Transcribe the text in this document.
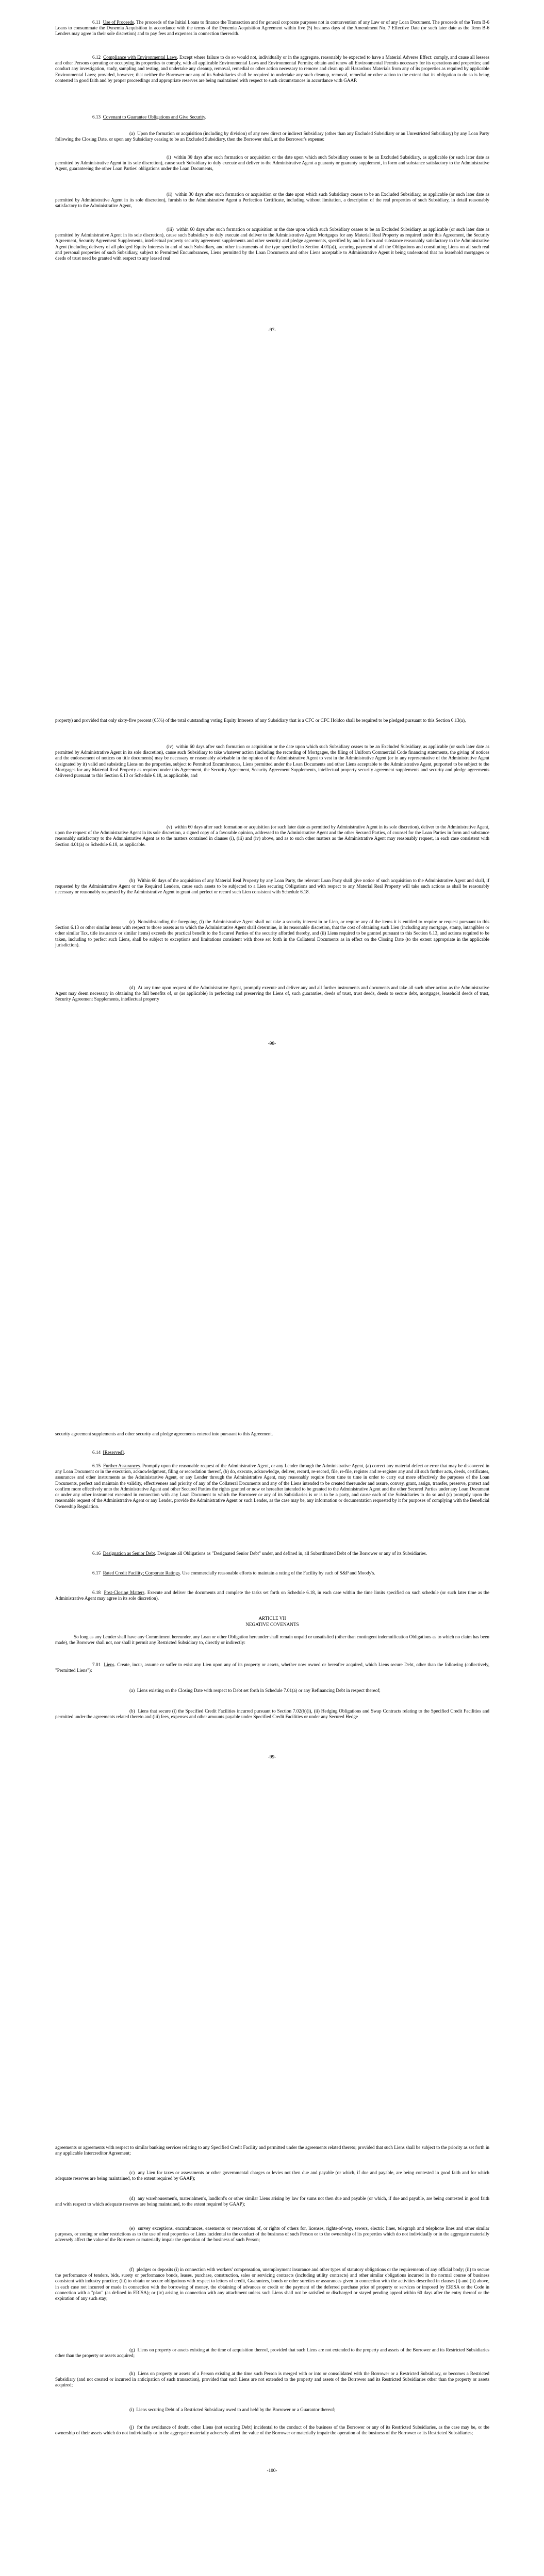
6.11 Use of Proceeds. The proceeds of the Initial Loans to finance the Transaction and for general corporate purposes not in contravention of any Law or of any Loan Document. The proceeds of the Term B-6 Loans to consummate the Dynemia Acquisition in accordance with the terms of the Dynemia Acquisition Agreement within five (5) business days of the Amendment No. 7 Effective Date (or such later date as the Term B-6 Lenders may agree in their sole discretion) and to pay fees and expenses in connection therewith.

6.12 Compliance with Environmental Laws. Except where failure to do so would not, individually or in the aggregate, reasonably be expected to have a Material Adverse Effect: comply, and cause all lessees and other Persons operating or occupying its properties to comply, with all applicable Environmental Laws and Environmental Permits; obtain and renew all Environmental Permits necessary for its operations and properties; and conduct any investigation, study, sampling and testing, and undertake any cleanup, removal, remedial or other action necessary to remove and clean up all Hazardous Materials from any of its properties as required by applicable Environmental Laws; provided, however, that neither the Borrower nor any of its Subsidiaries shall be required to undertake any such cleanup, removal, remedial or other action to the extent that its obligation to do so is being contested in good faith and by proper proceedings and appropriate reserves are being maintained with respect to such circumstances in accordance with GAAP.

6.13 Covenant to Guarantee Obligations and Give Security.

(a) Upon the formation or acquisition (including by division) of any new direct or indirect Subsidiary (other than any Excluded Subsidiary or an Unrestricted Subsidiary) by any Loan Party following the Closing Date, or upon any Subsidiary ceasing to be an Excluded Subsidiary, then the Borrower shall, at the Borrower's expense:

(i) within 30 days after such formation or acquisition or the date upon which such Subsidiary ceases to be an Excluded Subsidiary, as applicable (or such later date as permitted by Administrative Agent in its sole discretion), cause such Subsidiary to duly execute and deliver to the Administrative Agent a guaranty or guaranty supplement, in form and substance satisfactory to the Administrative Agent, guaranteeing the other Loan Parties' obligations under the Loan Documents,

(ii) within 30 days after such formation or acquisition or the date upon which such Subsidiary ceases to be an Excluded Subsidiary, as applicable (or such later date as permitted by Administrative Agent in its sole discretion), furnish to the Administrative Agent a Perfection Certificate, including without limitation, a description of the real properties of such Subsidiary, in detail reasonably satisfactory to the Administrative Agent,

(iii) within 60 days after such formation or acquisition or the date upon which such Subsidiary ceases to be an Excluded Subsidiary, as applicable (or such later date as permitted by Administrative Agent in its sole discretion), cause such Subsidiary to duly execute and deliver to the Administrative Agent Mortgages for any Material Real Property as required under this Agreement, the Security Agreement, Security Agreement Supplements, intellectual property security agreement supplements and other security and pledge agreements, specified by and in form and substance reasonably satisfactory to the Administrative Agent (including delivery of all pledged Equity Interests in and of such Subsidiary, and other instruments of the type specified in Section 4.01(a)), securing payment of all the Obligations and constituting Liens on all such real and personal properties of such Subsidiary, subject to Permitted Encumbrances, Liens permitted by the Loan Documents and other Liens acceptable to Administrative Agent it being understood that no leasehold mortgages or deeds of trust need be granted with respect to any leased real

-97-

property) and provided that only sixty-five percent (65%) of the total outstanding voting Equity Interests of any Subsidiary that is a CFC or CFC Holdco shall be required to be pledged pursuant to this Section 6.13(a),

(iv) within 60 days after such formation or acquisition or the date upon which such Subsidiary ceases to be an Excluded Subsidiary, as applicable (or such later date as permitted by Administrative Agent in its sole discretion), cause such Subsidiary to take whatever action (including the recording of Mortgages, the filing of Uniform Commercial Code financing statements, the giving of notices and the endorsement of notices on title documents) may be necessary or reasonably advisable in the opinion of the Administrative Agent to vest in the Administrative Agent (or in any representative of the Administrative Agent designated by it) valid and subsisting Liens on the properties, subject to Permitted Encumbrances, Liens permitted under the Loan Documents and other Liens acceptable to the Administrative Agent, purported to be subject to the Mortgages for any Material Real Property as required under this Agreement, the Security Agreement, Security Agreement Supplements, intellectual property security agreement supplements and security and pledge agreements delivered pursuant to this Section 6.13 or Schedule 6.18, as applicable, and

(v) within 60 days after such formation or acquisition (or such later date as permitted by Administrative Agent in its sole discretion), deliver to the Administrative Agent, upon the request of the Administrative Agent in its sole discretion, a signed copy of a favorable opinion, addressed to the Administrative Agent and the other Secured Parties, of counsel for the Loan Parties in form and substance reasonably satisfactory to the Administrative Agent as to the matters contained in clauses (i), (iii) and (iv) above, and as to such other matters as the Administrative Agent may reasonably request, in each case consistent with Section 4.01(a) or Schedule 6.18, as applicable.

(b) Within 60 days of the acquisition of any Material Real Property by any Loan Party, the relevant Loan Party shall give notice of such acquisition to the Administrative Agent and shall, if requested by the Administrative Agent or the Required Lenders, cause such assets to be subjected to a Lien securing Obligations and with respect to any Material Real Property will take such actions as shall be reasonably necessary or reasonably requested by the Administrative Agent to grant and perfect or record such Lien consistent with Schedule 6.18.

(c) Notwithstanding the foregoing, (i) the Administrative Agent shall not take a security interest in or Lien, or require any of the items it is entitled to require or request pursuant to this Section 6.13 or other similar items with respect to those assets as to which the Administrative Agent shall determine, in its reasonable discretion, that the cost of obtaining such Lien (including any mortgage, stamp, intangibles or other similar Tax, title insurance or similar items) exceeds the practical benefit to the Secured Parties of the security afforded thereby, and (ii) Liens required to be granted pursuant to this Section 6.13, and actions required to be taken, including to perfect such Liens, shall be subject to exceptions and limitations consistent with those set forth in the Collateral Documents as in effect on the Closing Date (to the extent appropriate in the applicable jurisdiction).

(d) At any time upon request of the Administrative Agent, promptly execute and deliver any and all further instruments and documents and take all such other action as the Administrative Agent may deem necessary in obtaining the full benefits of, or (as applicable) in perfecting and preserving the Liens of, such guaranties, deeds of trust, trust deeds, deeds to secure debt, mortgages, leasehold deeds of trust, Security Agreement Supplements, intellectual property

-98-

security agreement supplements and other security and pledge agreements entered into pursuant to this Agreement.

6.14 [Reserved].

6.15 Further Assurances. Promptly upon the reasonable request of the Administrative Agent, or any Lender through the Administrative Agent, (a) correct any material defect or error that may be discovered in any Loan Document or in the execution, acknowledgment, filing or recordation thereof, (b) do, execute, acknowledge, deliver, record, re-record, file, re-file, register and re-register any and all such further acts, deeds, certificates, assurances and other instruments as the Administrative Agent, or any Lender through the Administrative Agent, may reasonably require from time to time in order to carry out more effectively the purposes of the Loan Documents, perfect and maintain the validity, effectiveness and priority of any of the Collateral Documents and any of the Liens intended to be created thereunder and assure, convey, grant, assign, transfer, preserve, protect and confirm more effectively unto the Administrative Agent and other Secured Parties the rights granted or now or hereafter intended to be granted to the Administrative Agent and the other Secured Parties under any Loan Document or under any other instrument executed in connection with any Loan Document to which the Borrower or any of its Subsidiaries is or is to be a party, and cause each of the Subsidiaries to do so and (c) promptly upon the reasonable request of the Administrative Agent or any Lender, provide the Administrative Agent or such Lender, as the case may be, any information or documentation requested by it for purposes of complying with the Beneficial Ownership Regulation.

6.16 Designation as Senior Debt. Designate all Obligations as "Designated Senior Debt" under, and defined in, all Subordinated Debt of the Borrower or any of its Subsidiaries.

6.17 Rated Credit Facility; Corporate Ratings. Use commercially reasonable efforts to maintain a rating of the Facility by each of S&P and Moody's.

6.18 Post-Closing Matters. Execute and deliver the documents and complete the tasks set forth on Schedule 6.18, in each case within the time limits specified on such schedule (or such later time as the Administrative Agent may agree in its sole discretion).

ARTICLE VII

NEGATIVE COVENANTS

So long as any Lender shall have any Commitment hereunder, any Loan or other Obligation hereunder shall remain unpaid or unsatisfied (other than contingent indemnification Obligations as to which no claim has been made), the Borrower shall not, nor shall it permit any Restricted Subsidiary to, directly or indirectly:

7.01 Liens. Create, incur, assume or suffer to exist any Lien upon any of its property or assets, whether now owned or hereafter acquired, which Liens secure Debt, other than the following (collectively, "Permitted Liens"):

(a) Liens existing on the Closing Date with respect to Debt set forth in Schedule 7.01(a) or any Refinancing Debt in respect thereof;

(b) Liens that secure (i) the Specified Credit Facilities incurred pursuant to Section 7.02(b)(i), (ii) Hedging Obligations and Swap Contracts relating to the Specified Credit Facilities and permitted under the agreements related thereto and (iii) fees, expenses and other amounts payable under Specified Credit Facilities or under any Secured Hedge

-99-

agreements or agreements with respect to similar banking services relating to any Specified Credit Facility and permitted under the agreements related thereto; provided that such Liens shall be subject to the priority as set forth in any applicable Intercreditor Agreement;

(c) any Lien for taxes or assessments or other governmental charges or levies not then due and payable (or which, if due and payable, are being contested in good faith and for which adequate reserves are being maintained, to the extent required by GAAP);

(d) any warehousemen's, materialmen's, landlord's or other similar Liens arising by law for sums not then due and payable (or which, if due and payable, are being contested in good faith and with respect to which adequate reserves are being maintained, to the extent required by GAAP);

(e) survey exceptions, encumbrances, easements or reservations of, or rights of others for, licenses, rights-of-way, sewers, electric lines, telegraph and telephone lines and other similar purposes, or zoning or other restrictions as to the use of real properties or Liens incidental to the conduct of the business of such Person or to the ownership of its properties which do not individually or in the aggregate materially adversely affect the value of the Borrower or materially impair the operation of the business of such Person;

(f) pledges or deposits (i) in connection with workers' compensation, unemployment insurance and other types of statutory obligations or the requirements of any official body; (ii) to secure the performance of tenders, bids, surety or performance bonds, leases, purchase, construction, sales or servicing contracts (including utility contracts) and other similar obligations incurred in the normal course of business consistent with industry practice; (iii) to obtain or secure obligations with respect to letters of credit, Guarantees, bonds or other sureties or assurances given in connection with the activities described in clauses (i) and (ii) above, in each case not incurred or made in connection with the borrowing of money, the obtaining of advances or credit or the payment of the deferred purchase price of property or services or imposed by ERISA or the Code in connection with a "plan" (as defined in ERISA); or (iv) arising in connection with any attachment unless such Liens shall not be satisfied or discharged or stayed pending appeal within 60 days after the entry thereof or the expiration of any such stay;

(g) Liens on property or assets existing at the time of acquisition thereof, provided that such Liens are not extended to the property and assets of the Borrower and its Restricted Subsidiaries other than the property or assets acquired;

(h) Liens on property or assets of a Person existing at the time such Person is merged with or into or consolidated with the Borrower or a Restricted Subsidiary, or becomes a Restricted Subsidiary (and not created or incurred in anticipation of such transaction), provided that such Liens are not extended to the property and assets of the Borrower and its Restricted Subsidiaries other than the property or assets acquired;

(i) Liens securing Debt of a Restricted Subsidiary owed to and held by the Borrower or a Guarantor thereof;

(j) for the avoidance of doubt, other Liens (not securing Debt) incidental to the conduct of the business of the Borrower or any of its Restricted Subsidiaries, as the case may be, or the ownership of their assets which do not individually or in the aggregate materially adversely affect the value of the Borrower or materially impair the operation of the business of the Borrower or its Restricted Subsidiaries;

-100-
